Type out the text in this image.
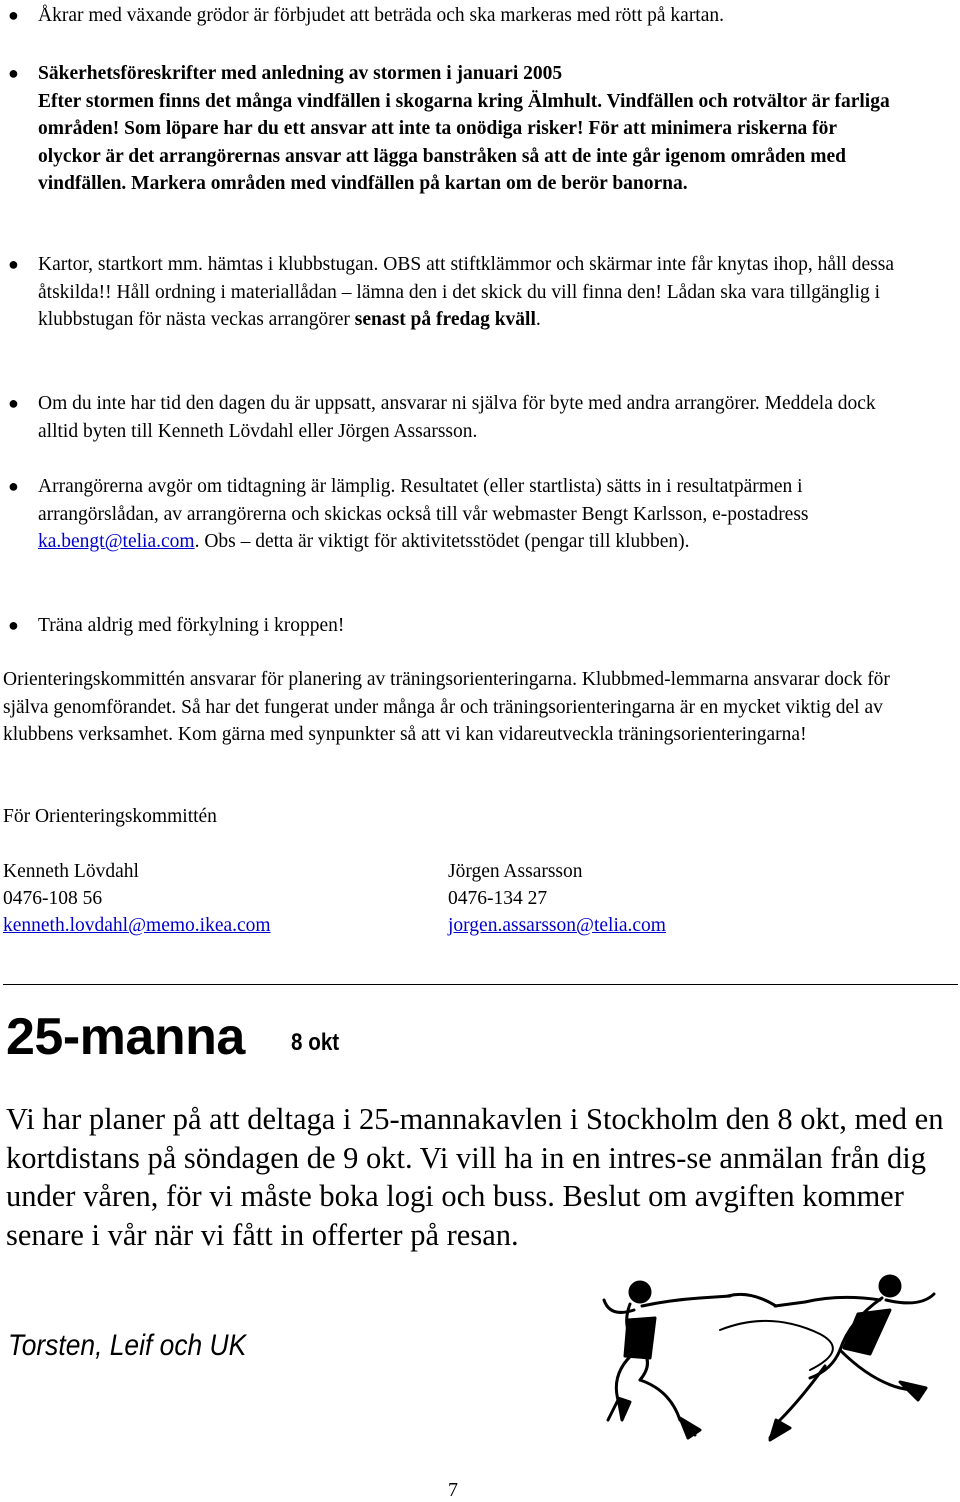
● Åkrar med växande grödor är förbjudet att beträda och ska markeras med rött på kartan.
● Säkerhetsföreskrifter med anledning av stormen i januari 2005
Efter stormen finns det många vindfällen i skogarna kring Älmhult. Vindfällen och rotvältor är farliga områden! Som löpare har du ett ansvar att inte ta onödiga risker! För att minimera riskerna för olyckor är det arrangörernas ansvar att lägga banstråken så att de inte går igenom områden med vindfällen. Markera områden med vindfällen på kartan om de berör banorna.
● Kartor, startkort mm. hämtas i klubbstugan. OBS att stiftklämmor och skärmar inte får knytas ihop, håll dessa åtskilda!! Håll ordning i materiallådan – lämna den i det skick du vill finna den! Lådan ska vara tillgänglig i klubbstugan för nästa veckas arrangörer senast på fredag kväll.
● Om du inte har tid den dagen du är uppsatt, ansvarar ni själva för byte med andra arrangörer. Meddela dock alltid byten till Kenneth Lövdahl eller Jörgen Assarsson.
● Arrangörerna avgör om tidtagning är lämplig. Resultatet (eller startlista) sätts in i resultatpärmen i arrangörslådan, av arrangörerna och skickas också till vår webmaster Bengt Karlsson, e-postadress ka.bengt@telia.com. Obs – detta är viktigt för aktivitetsstödet (pengar till klubben).
● Träna aldrig med förkylning i kroppen!
Orienteringskommittén ansvarar för planering av träningsorienteringarna. Klubbmed-lemmarna ansvarar dock för själva genomförandet. Så har det fungerat under många år och träningsorienteringarna är en mycket viktig del av klubbens verksamhet. Kom gärna med synpunkter så att vi kan vidareutveckla träningsorienteringarna!
För Orienteringskommittén
Kenneth Lövdahl
0476-108 56
kenneth.lovdahl@memo.ikea.com
Jörgen Assarsson
0476-134 27
jorgen.assarsson@telia.com
25-manna 8 okt
Vi har planer på att deltaga i 25-mannakavlen i Stockholm den 8 okt, med en kortdistans på söndagen de 9 okt. Vi vill ha in en intres-se anmälan från dig under våren, för vi måste boka logi och buss. Beslut om avgiften kommer senare i vår när vi fått in offerter på resan.
Torsten, Leif och UK
7
